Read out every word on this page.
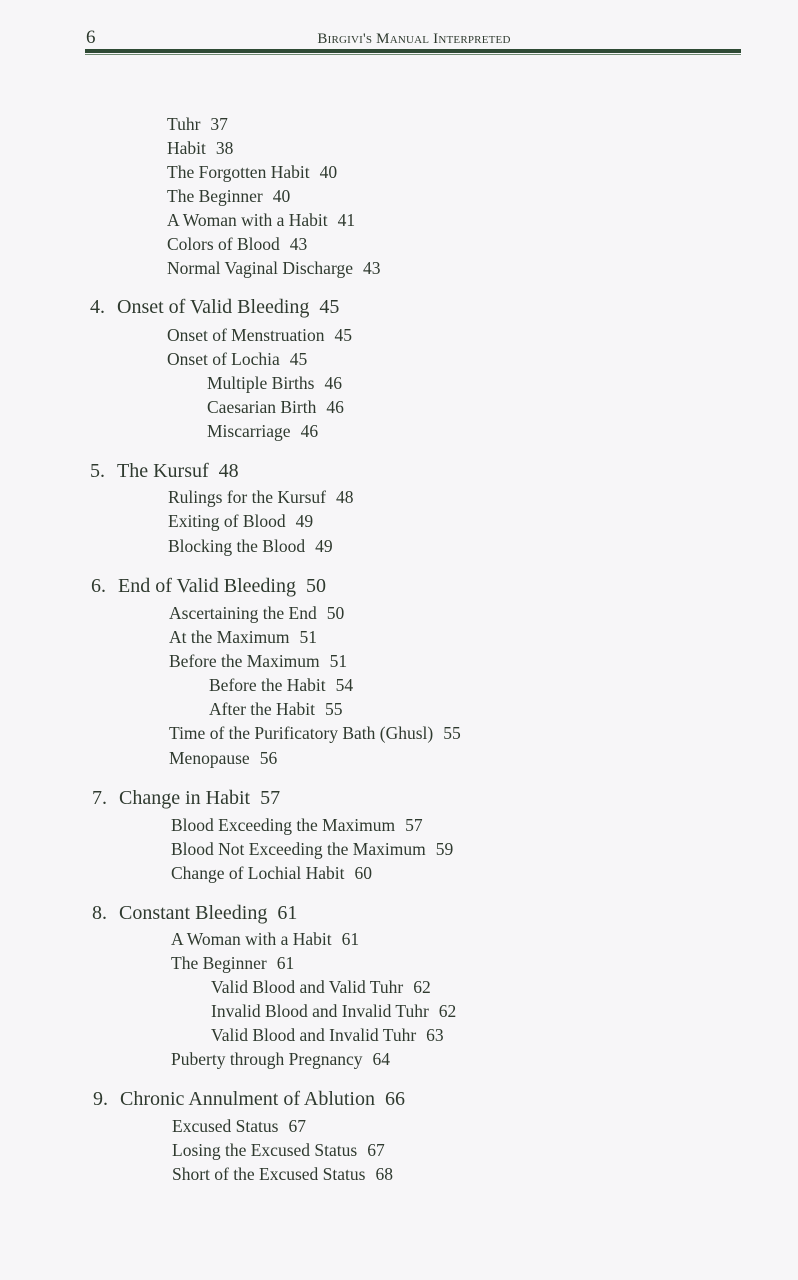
6	Birgivi's Manual Interpreted
Tuhr 37
Habit 38
The Forgotten Habit 40
The Beginner 40
A Woman with a Habit 41
Colors of Blood 43
Normal Vaginal Discharge 43
4. Onset of Valid Bleeding 45
Onset of Menstruation 45
Onset of Lochia 45
Multiple Births 46
Caesarian Birth 46
Miscarriage 46
5. The Kursuf 48
Rulings for the Kursuf 48
Exiting of Blood 49
Blocking the Blood 49
6. End of Valid Bleeding 50
Ascertaining the End 50
At the Maximum 51
Before the Maximum 51
Before the Habit 54
After the Habit 55
Time of the Purificatory Bath (Ghusl) 55
Menopause 56
7. Change in Habit 57
Blood Exceeding the Maximum 57
Blood Not Exceeding the Maximum 59
Change of Lochial Habit 60
8. Constant Bleeding 61
A Woman with a Habit 61
The Beginner 61
Valid Blood and Valid Tuhr 62
Invalid Blood and Invalid Tuhr 62
Valid Blood and Invalid Tuhr 63
Puberty through Pregnancy 64
9. Chronic Annulment of Ablution 66
Excused Status 67
Losing the Excused Status 67
Short of the Excused Status 68
